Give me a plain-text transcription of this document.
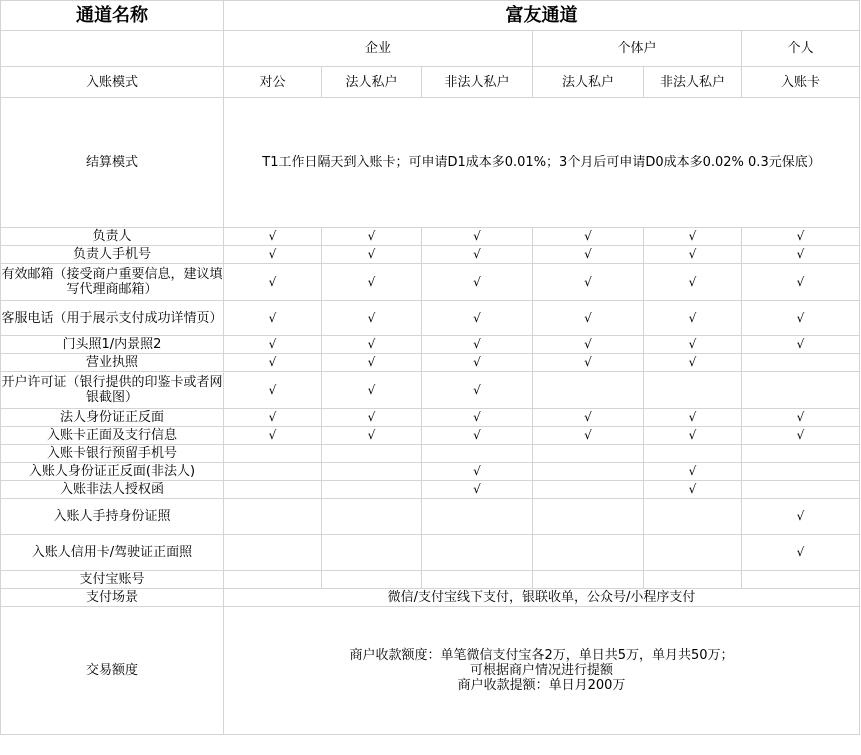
通道名称	富友通道					
	企业			个体户		个人
入账模式	对公	法人私户	非法人私户	法人私户	非法人私户	入账卡
结算模式	T1工作日隔天到入账卡；可申请D1成本多0.01%；3个月后可申请D0成本多0.02% 0.3元保底）					
负责人	√	√	√	√	√	√
负责人手机号	√	√	√	√	√	√
有效邮箱（接受商户重要信息，建议填写代理商邮箱）	√	√	√	√	√	√
客服电话（用于展示支付成功详情页）	√	√	√	√	√	√
门头照1/内景照2	√	√	√	√	√	√
营业执照	√	√	√	√	√	
开户许可证（银行提供的印鉴卡或者网银截图）	√	√	√			
法人身份证正反面	√	√	√	√	√	√
入账卡正面及支行信息	√	√	√	√	√	√
入账卡银行预留手机号						
入账人身份证正反面(非法人)			√		√	
入账非法人授权函			√		√	
入账人手持身份证照						√
入账人信用卡/驾驶证正面照						√
支付宝账号						
支付场景	微信/支付宝线下支付，银联收单，公众号/小程序支付					
交易额度	商户收款额度：单笔微信支付宝各2万，单日共5万，单月共50万；
可根据商户情况进行提额
商户收款提额：单日月200万					
